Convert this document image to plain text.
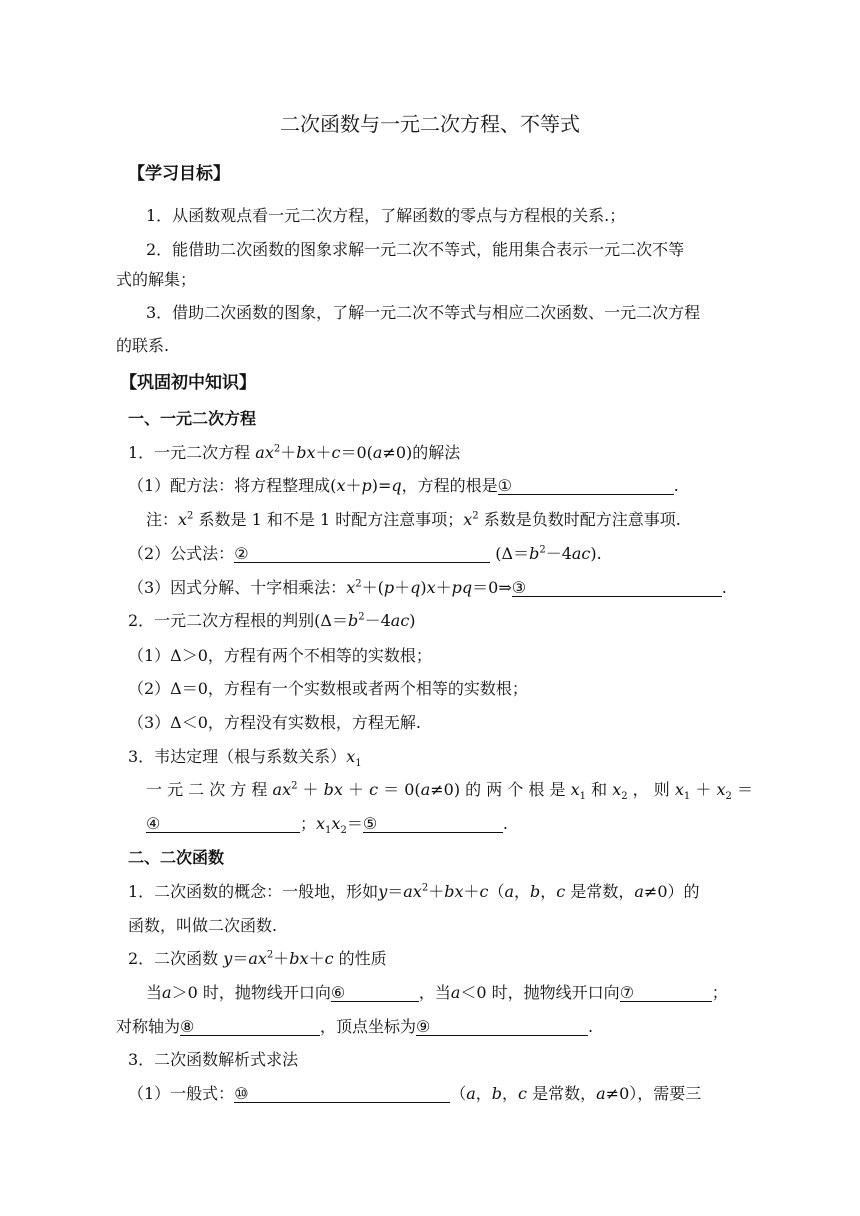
二次函数与一元二次方程、不等式
【学习目标】
1．从函数观点看一元二次方程，了解函数的零点与方程根的关系.；
2．能借助二次函数的图象求解一元二次不等式，能用集合表示一元二次不等
式的解集；
3．借助二次函数的图象，了解一元二次不等式与相应二次函数、一元二次方程
的联系.
【巩固初中知识】
一、一元二次方程
1．一元二次方程 $ax^2+bx+c=0(a\ne 0)$的解法
（1）配方法：将方程整理成(x＋p)=q，方程的根是①	.
注：$x^2$ 系数是 1 和不是 1 时配方注意事项；$x^2$ 系数是负数时配方注意事项.
（2）公式法：②	$(\Delta=b^2-4ac)$.
（3）因式分解、十字相乘法：$x^2+(p+q)x+pq=0\Rightarrow ③$	.
2．一元二次方程根的判别$(\Delta=b^2-4ac)$
（1）Δ＞0，方程有两个不相等的实数根；
（2）Δ＝0，方程有一个实数根或者两个相等的实数根；
（3）Δ＜0，方程没有实数根，方程无解.
3．韦达定理（根与系数关系）$x_1$
一 元 二 次 方 程 $ax^2$ ＋ bx ＋ c ＝ 0(a≠0) 的 两 个 根 是 $x_1$ 和 $x_2$ ， 则 $x_1 + x_2$ ＝
④	；$x_1x_2=⑤$	.
二、二次函数
1．二次函数的概念：一般地，形如$y=ax^2+bx+c(a$，b，c 是常数，a≠0）的
函数，叫做二次函数.
2．二次函数 $y=ax^2+bx+c$ 的性质
当a＞0 时，抛物线开口向⑥	，当a＜0 时，抛物线开口向⑦	；
对称轴为⑧	，顶点坐标为⑨	.
3．二次函数解析式求法
（1）一般式：⑩	（a，b，c 是常数，a≠0），需要三
